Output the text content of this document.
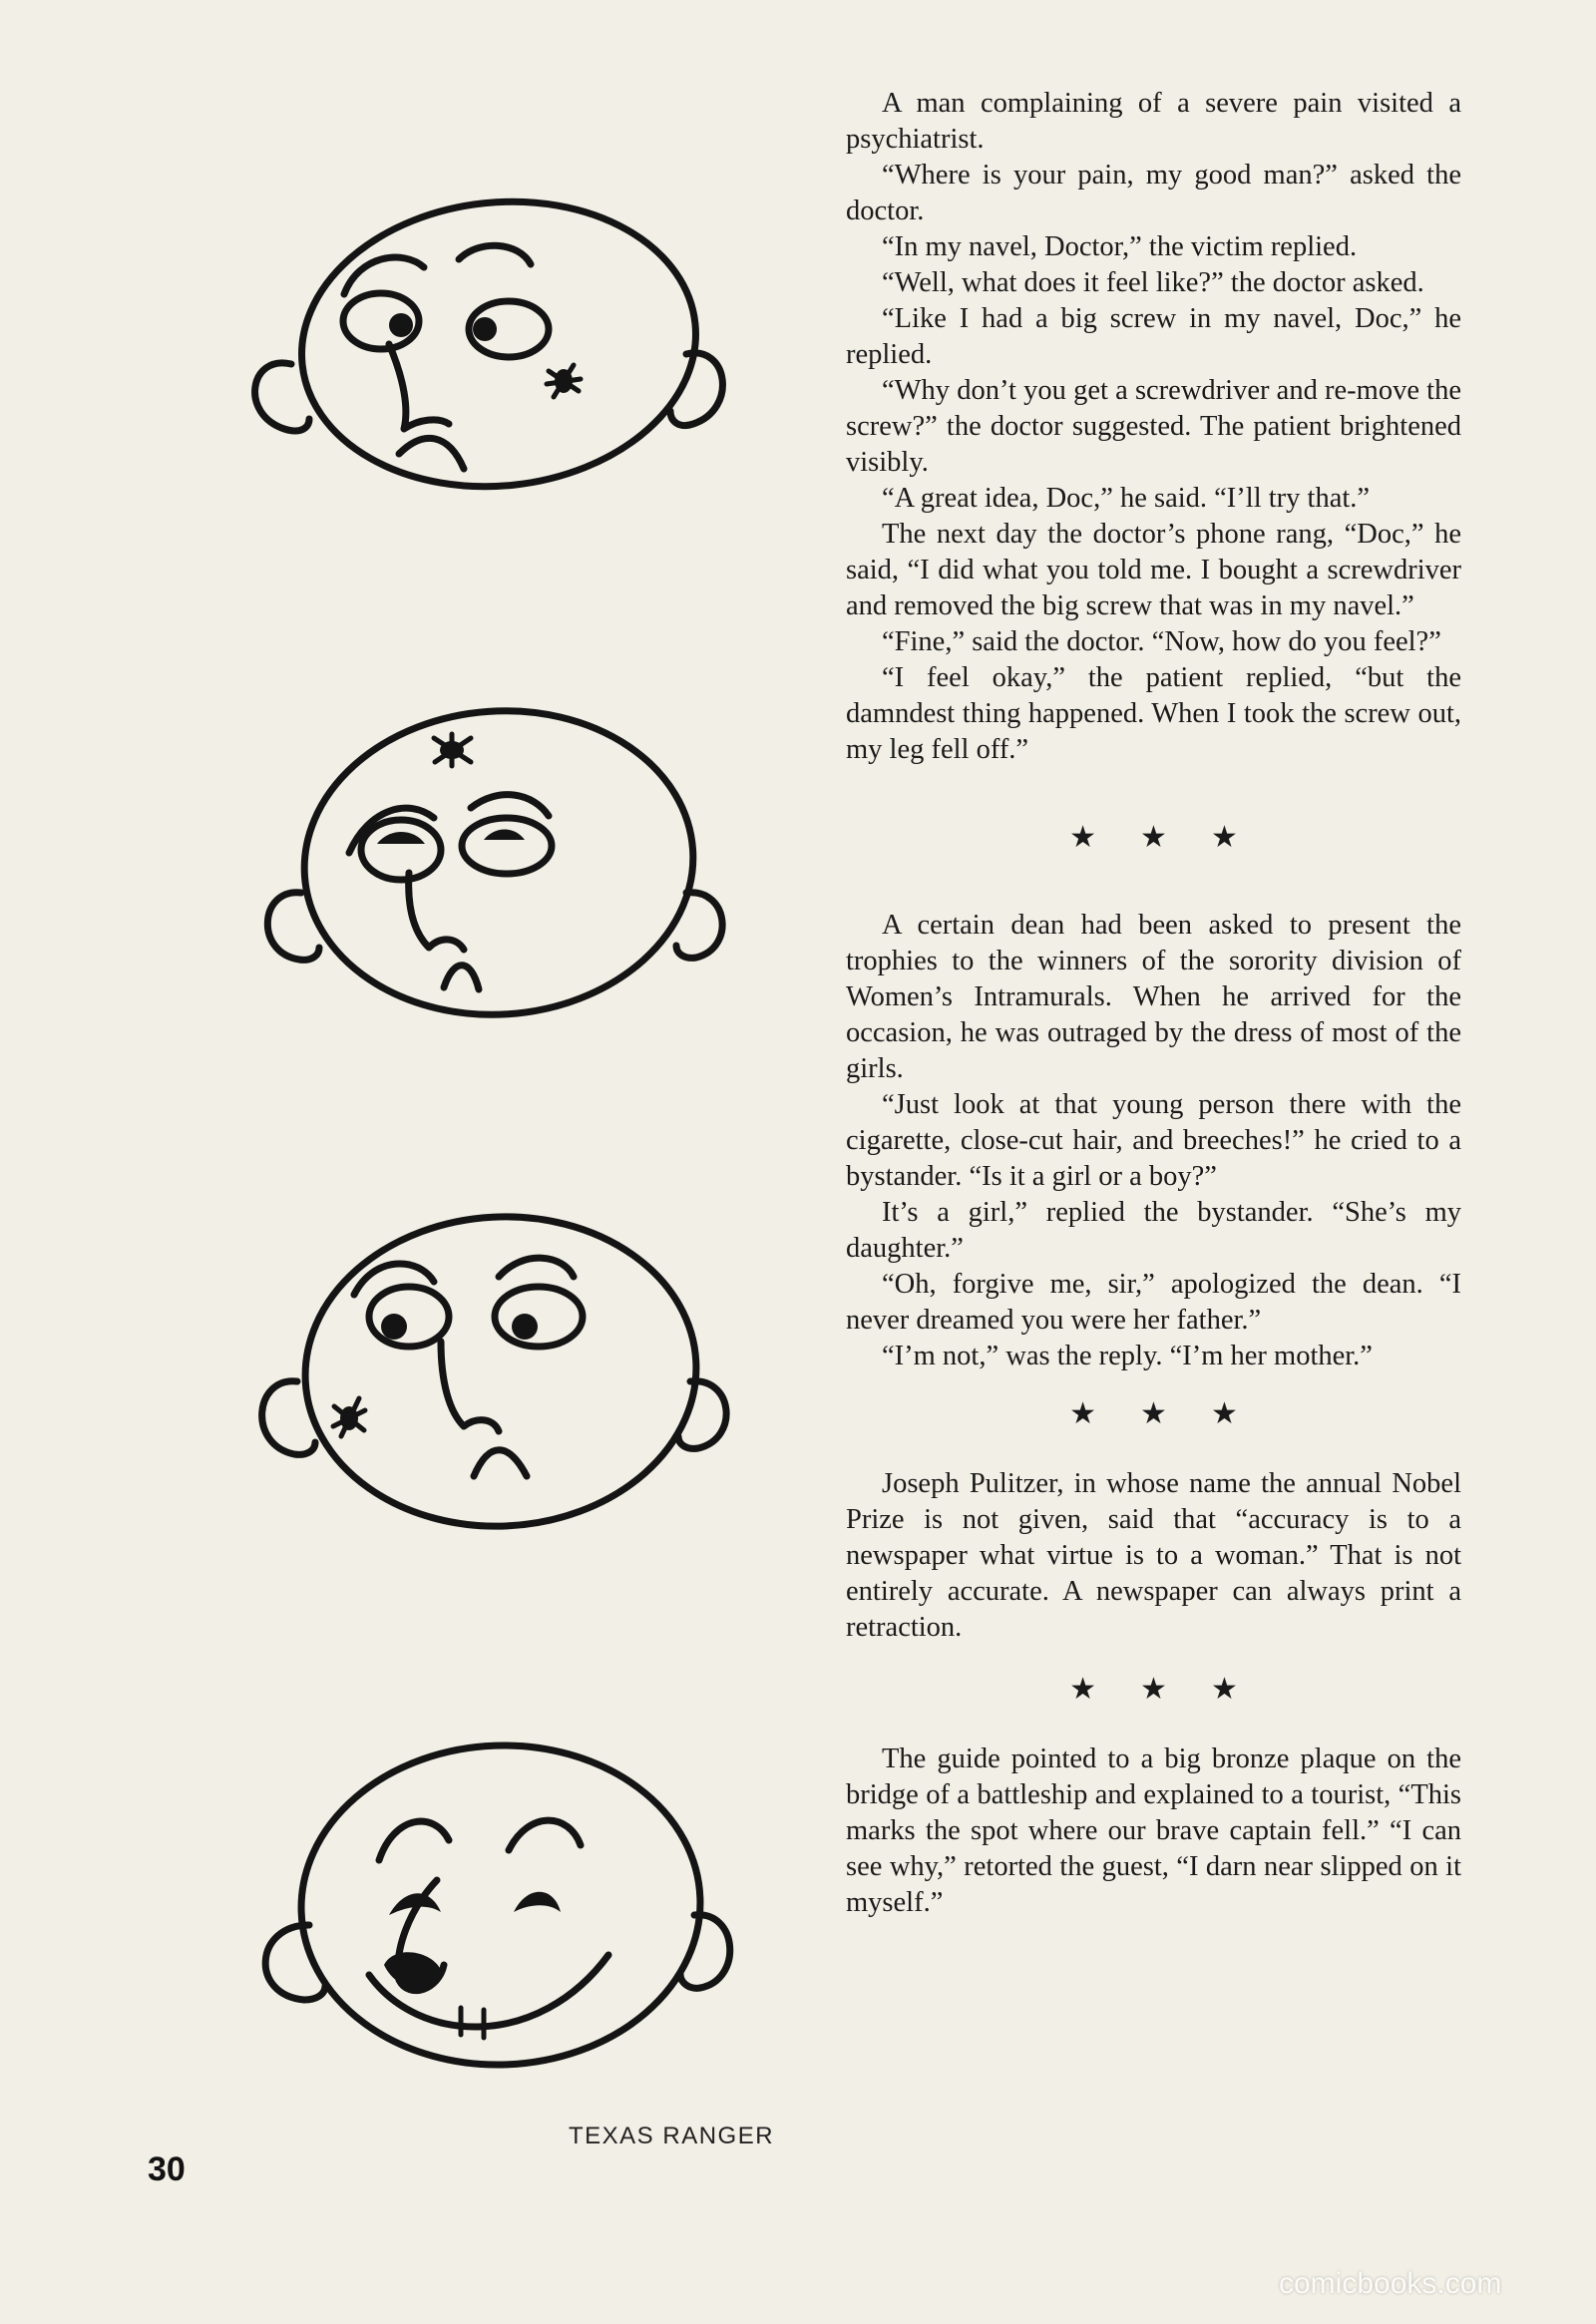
A man complaining of a severe pain visited a psychiatrist.

“Where is your pain, my good man?” asked the doctor.

“In my navel, Doctor,” the victim replied.

“Well, what does it feel like?” the doctor asked.

“Like I had a big screw in my navel, Doc,” he replied.

“Why don’t you get a screwdriver and re-move the screw?” the doctor suggested. The patient brightened visibly.

“A great idea, Doc,” he said. “I’ll try that.”

The next day the doctor’s phone rang, “Doc,” he said, “I did what you told me. I bought a screwdriver and removed the big screw that was in my navel.”

“Fine,” said the doctor. “Now, how do you feel?”

“I feel okay,” the patient replied, “but the damndest thing happened. When I took the screw out, my leg fell off.”

★★★

A certain dean had been asked to present the trophies to the winners of the sorority division of Women’s Intramurals. When he arrived for the occasion, he was outraged by the dress of most of the girls.

“Just look at that young person there with the cigarette, close-cut hair, and breeches!” he cried to a bystander. “Is it a girl or a boy?”

It’s a girl,” replied the bystander. “She’s my daughter.”

“Oh, forgive me, sir,” apologized the dean. “I never dreamed you were her father.”

“I’m not,” was the reply. “I’m her mother.”

★★★

Joseph Pulitzer, in whose name the annual Nobel Prize is not given, said that “accuracy is to a newspaper what virtue is to a woman.” That is not entirely accurate. A newspaper can always print a retraction.

★★★

The guide pointed to a big bronze plaque on the bridge of a battleship and explained to a tourist, “This marks the spot where our brave captain fell.” “I can see why,” retorted the guest, “I darn near slipped on it myself.”

TEXAS RANGER
30
comicbooks.com
